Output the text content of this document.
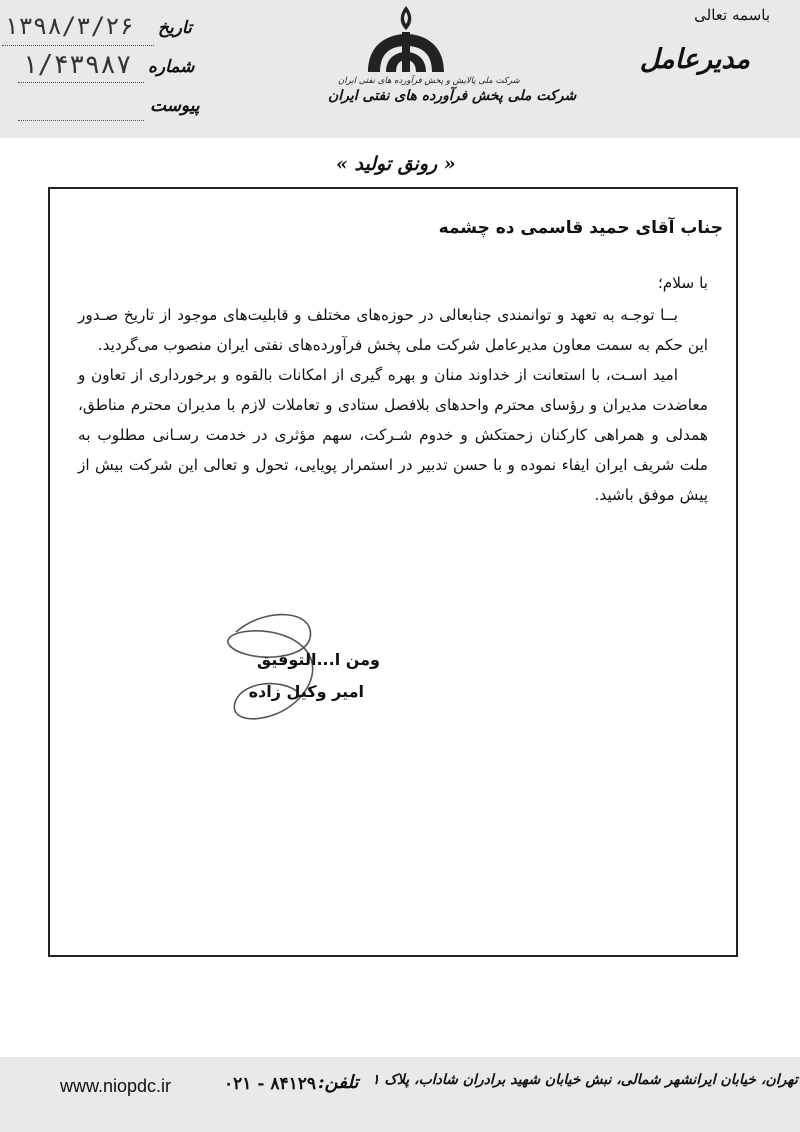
باسمه تعالی
مدیرعامل
تاریخ
۱۳۹۸/۳/۲۶
شماره
۱/۴۳۹۸۷
پیوست
شرکت ملی پالایش و پخش فرآورده های نفتی ایران
شرکت ملی پخش فرآورده های نفتی ایران
« رونق تولید »
جناب آقای حمید قاسمی ده چشمه
با سلام؛

بــا توجـه به تعهد و توانمندی جنابعالی در حوزه‌های مختلف و قابلیت‌های موجود از تاریخ صـدور این حکم به سمت معاون مدیرعامل شرکت ملی پخش فرآورده‌های نفتی ایران منصوب می‌گردید.

امید اسـت، با استعانت از خداوند منان و بهره گیری از امکانات بالقوه و برخورداری از تعاون و معاضدت مدیران و رؤسای محترم واحدهای بلافصل ستادی و تعاملات لازم با مدیران محترم مناطق، همدلی و همراهی کارکنان زحمتکش و خدوم شـرکت، سهم مؤثری در خدمت رسـانی مطلوب به ملت شریف ایران ایفاء نموده و با حسن تدبیر در استمرار پویایی، تحول و تعالی این شرکت بیش از پیش موفق باشید.

ومن ا...التوفیق
امیر وکیل زاده
www.niopdc.ir	۸۴۱۲۹ - ۰۲۱ تلفن: تهران، خیابان ایرانشهر شمالی، نبش خیابان شهید برادران شاداب، پلاک ۱
